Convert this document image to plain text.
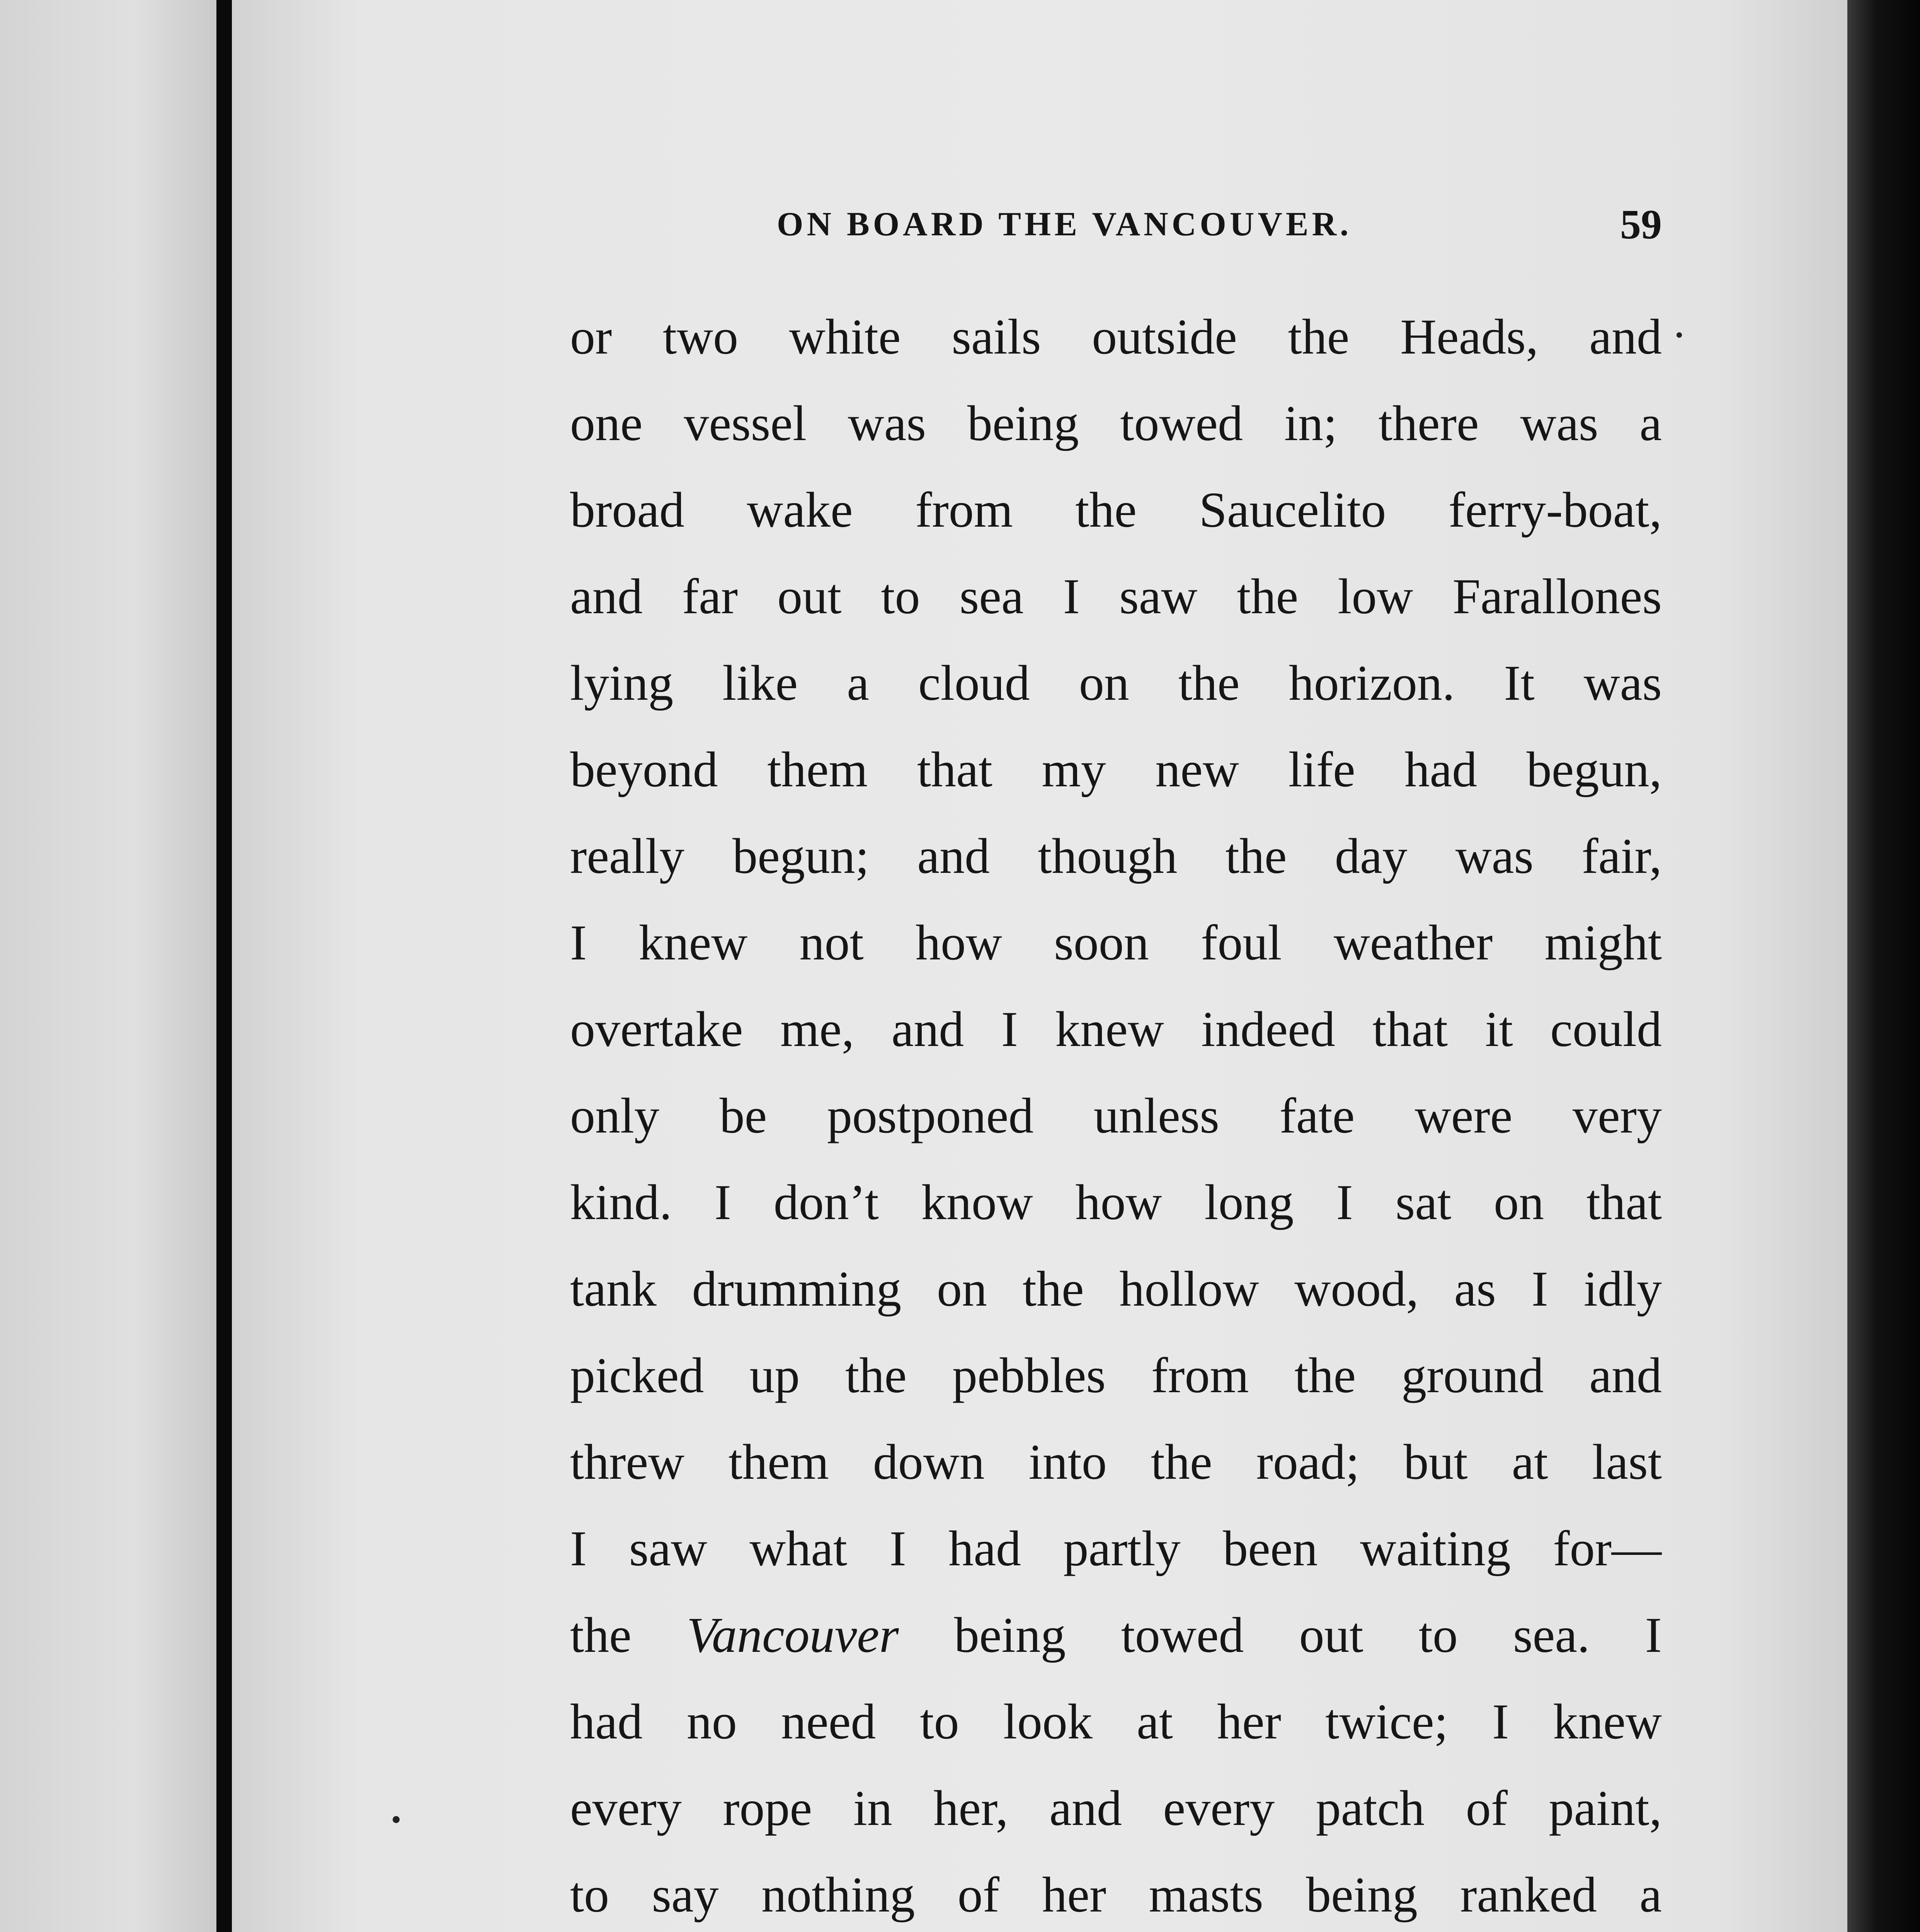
ON BOARD THE VANCOUVER.	59
or two white sails outside the Heads, and
one vessel was being towed in; there was a
broad wake from the Saucelito ferry-boat,
and far out to sea I saw the low Farallones
lying like a cloud on the horizon. It was
beyond them that my new life had begun,
really begun; and though the day was fair,
I knew not how soon foul weather might
overtake me, and I knew indeed that it could
only be postponed unless fate were very
kind. I don’t know how long I sat on that
tank drumming on the hollow wood, as I idly
picked up the pebbles from the ground and
threw them down into the road; but at last
I saw what I had partly been waiting for—
the Vancouver being towed out to sea. I
had no need to look at her twice; I knew
every rope in her, and every patch of paint,
to say nothing of her masts being ranked a
